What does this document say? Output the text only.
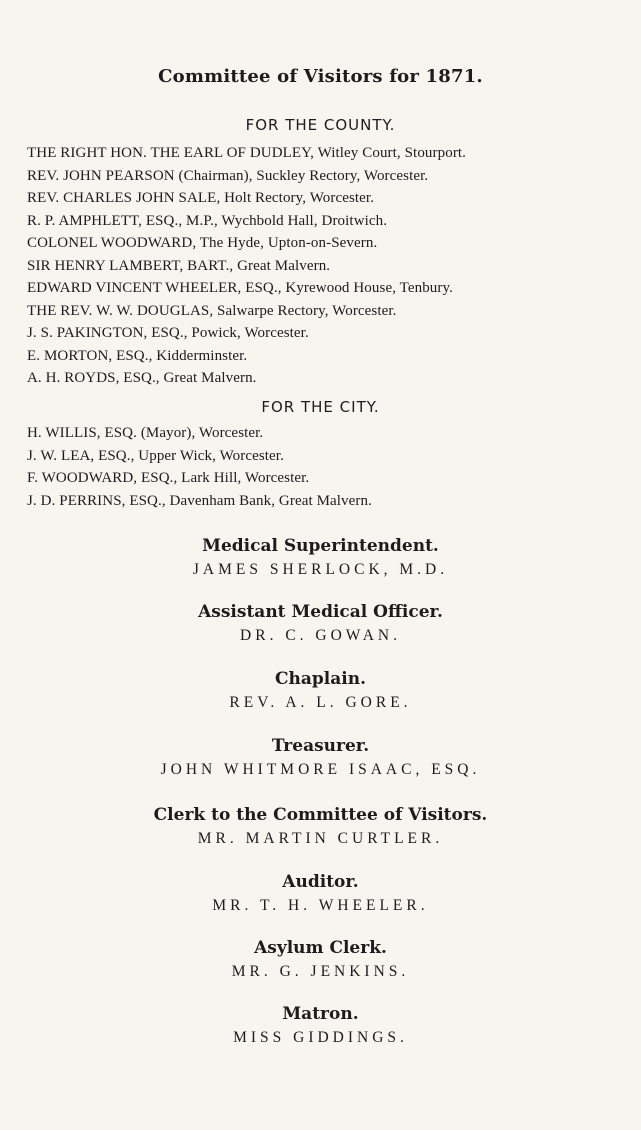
Committee of Visitors for 1871.
FOR THE COUNTY.
THE RIGHT HON. THE EARL OF DUDLEY, Witley Court, Stourport.
REV. JOHN PEARSON (Chairman), Suckley Rectory, Worcester.
REV. CHARLES JOHN SALE, Holt Rectory, Worcester.
R. P. AMPHLETT, ESQ., M.P., Wychbold Hall, Droitwich.
COLONEL WOODWARD, The Hyde, Upton-on-Severn.
SIR HENRY LAMBERT, BART., Great Malvern.
EDWARD VINCENT WHEELER, ESQ., Kyrewood House, Tenbury.
THE REV. W. W. DOUGLAS, Salwarpe Rectory, Worcester.
J. S. PAKINGTON, ESQ., Powick, Worcester.
E. MORTON, ESQ., Kidderminster.
A. H. ROYDS, ESQ., Great Malvern.
FOR THE CITY.
H. WILLIS, ESQ. (Mayor), Worcester.
J. W. LEA, ESQ., Upper Wick, Worcester.
F. WOODWARD, ESQ., Lark Hill, Worcester.
J. D. PERRINS, ESQ., Davenham Bank, Great Malvern.
Medical Superintendent.
JAMES SHERLOCK, M.D.
Assistant Medical Officer.
DR. C. GOWAN.
Chaplain.
REV. A. L. GORE.
Treasurer.
JOHN WHITMORE ISAAC, ESQ.
Clerk to the Committee of Visitors.
MR. MARTIN CURTLER.
Auditor.
MR. T. H. WHEELER.
Asylum Clerk.
MR. G. JENKINS.
Matron.
MISS GIDDINGS.
